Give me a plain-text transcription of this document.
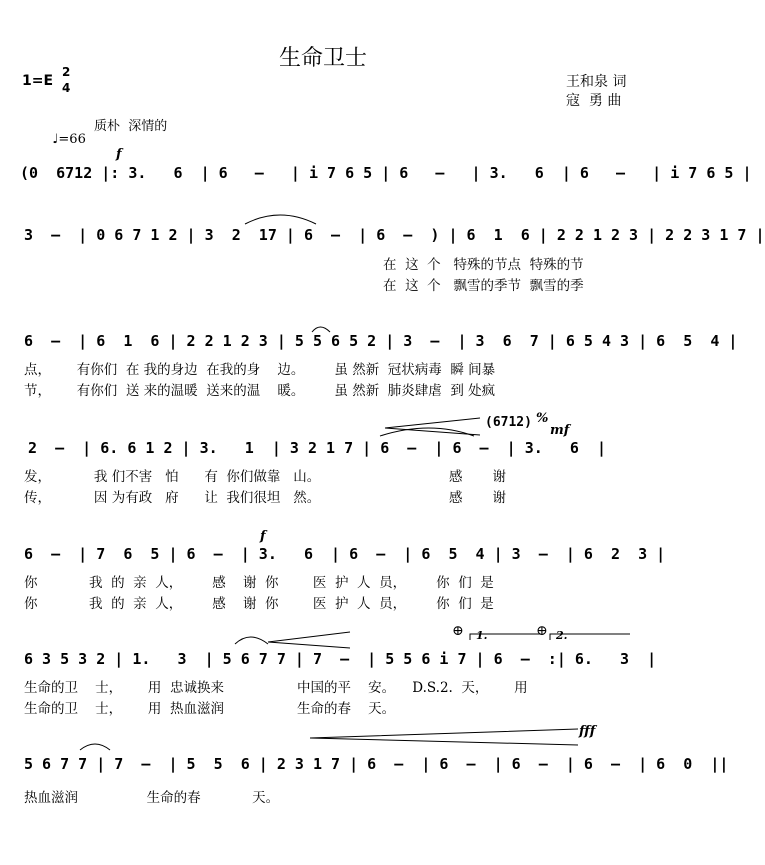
生命卫士
王和泉 词
寇  勇 曲
1=E
2
4

♩=66

质朴  深情的
f
(0  6712 |: 3.   6  | 6   –   | i 7 6 5 | 6   –   | 3.   6  | 6   –   | i 7 6 5 |
3  –  | 0 6 7 1 2 | 3  2  17 | 6  –  | 6  –  ) | 6  1  6 | 2 2 1 2 3 | 2 2 3 1 7 |
在  这  个   特殊的节点  特殊的节
在  这  个   飘雪的季节  飘雪的季
6  –  | 6  1  6 | 2 2 1 2 3 | 5 5 6 5 2 | 3  –  | 3  6  7 | 6 5 4 3 | 6  5  4 |
点，      有你们  在 我的身边  在我的身    边。       虽 然新  冠状病毒  瞬 间暴
节，      有你们  送 来的温暖  送来的温    暖。       虽 然新  肺炎肆虐  到 处疯
(6712) %
mf
2  –  | 6. 6 1 2 | 3.   1  | 3 2 1 7 | 6  –  | 6  –  | 3.   6  |
发，          我 们不害   怕      有  你们做靠   山。                              感       谢
传，          因 为有政   府      让  我们很坦   然。                              感       谢
f
6  –  | 7  6  5 | 6  –  | 3.   6  | 6  –  | 6  5  4 | 3  –  | 6  2  3 |
你            我  的  亲  人，       感    谢  你        医  护  人  员，       你  们  是
你            我  的  亲  人，       感    谢  你        医  护  人  员，       你  们  是
⊕ 1.	⊕ 2.
6 3 5 3 2 | 1.   3  | 5 6 7 7 | 7  –  | 5 5 6 i 7 | 6  –  :| 6.   3  |
生命的卫    士，      用  忠诚换来                 中国的平    安。    D.S.2.  天，      用
生命的卫    士，      用  热血滋润                 生命的春    天。
fff
5 6 7 7 | 7  –  | 5  5  6 | 2 3 1 7 | 6  –  | 6  –  | 6  –  | 6  –  | 6  0  ||
热血滋润                生命的春            天。
